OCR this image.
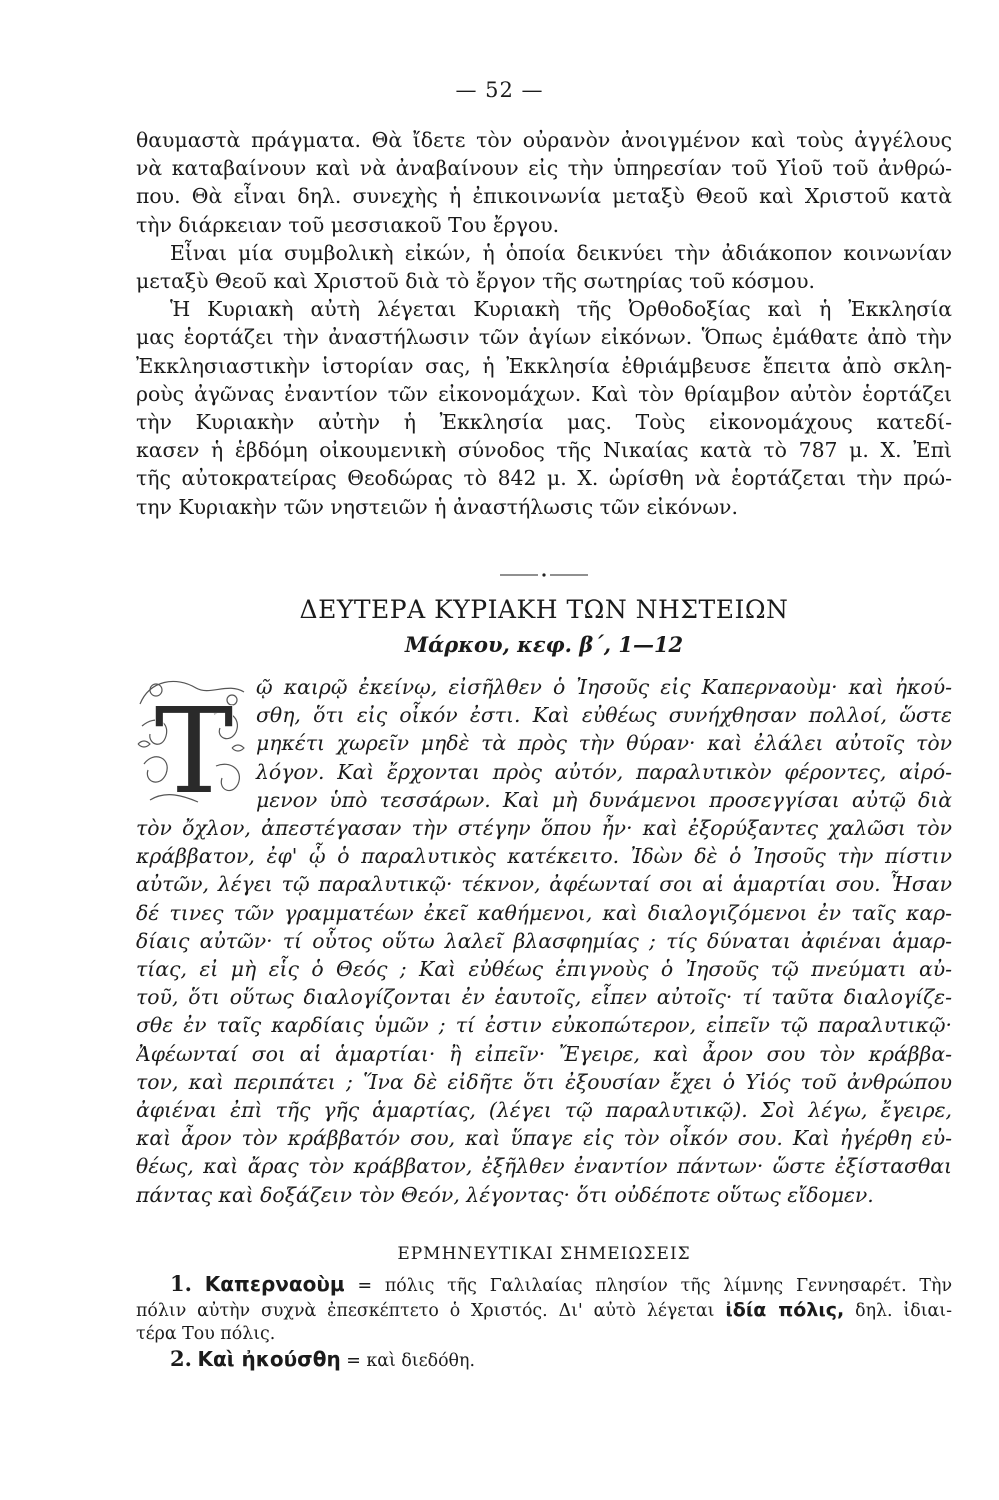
— 52 —
θαυμαστὰ πράγματα. Θὰ ἴδετε τὸν οὐρανὸν ἀνοιγμένον καὶ τοὺς ἀγγέλους
νὰ καταβαίνουν καὶ νὰ ἀναβαίνουν εἰς τὴν ὑπηρεσίαν τοῦ Υἱοῦ τοῦ ἀνθρώ-
που. Θὰ εἶναι δηλ. συνεχὴς ἡ ἐπικοινωνία μεταξὺ Θεοῦ καὶ Χριστοῦ κατὰ
τὴν διάρκειαν τοῦ μεσσιακοῦ Του ἔργου.
Εἶναι μία συμβολικὴ εἰκών, ἡ ὁποία δεικνύει τὴν ἀδιάκοπον κοινωνίαν
μεταξὺ Θεοῦ καὶ Χριστοῦ διὰ τὸ ἔργον τῆς σωτηρίας τοῦ κόσμου.
Ἡ Κυριακὴ αὐτὴ λέγεται Κυριακὴ τῆς Ὀρθοδοξίας καὶ ἡ Ἐκκλησία
μας ἑορτάζει τὴν ἀναστήλωσιν τῶν ἁγίων εἰκόνων. Ὅπως ἐμάθατε ἀπὸ τὴν
Ἐκκλησιαστικὴν ἱστορίαν σας, ἡ Ἐκκλησία ἐθριάμβευσε ἔπειτα ἀπὸ σκλη-
ροὺς ἀγῶνας ἐναντίον τῶν εἰκονομάχων. Καὶ τὸν θρίαμβον αὐτὸν ἑορτάζει
τὴν Κυριακὴν αὐτὴν ἡ Ἐκκλησία μας. Τοὺς εἰκονομάχους κατεδί-
κασεν ἡ ἑβδόμη οἰκουμενικὴ σύνοδος τῆς Νικαίας κατὰ τὸ 787 μ. Χ. Ἐπὶ
τῆς αὐτοκρατείρας Θεοδώρας τὸ 842 μ. Χ. ὡρίσθη νὰ ἑορτάζεται τὴν πρώ-
την Κυριακὴν τῶν νηστειῶν ἡ ἀναστήλωσις τῶν εἰκόνων.
ΔΕΥΤΕΡΑ ΚΥΡΙΑΚΗ ΤΩΝ ΝΗΣΤΕΙΩΝ
Μάρκου, κεφ. β΄, 1—12
Τ	ῷ καιρῷ ἐκείνῳ, εἰσῆλθεν ὁ Ἰησοῦς εἰς Καπερναοὺμ· καὶ ἠκού-
σθη, ὅτι εἰς οἶκόν ἐστι. Καὶ εὐθέως συνήχθησαν πολλοί, ὥστε
μηκέτι χωρεῖν μηδὲ τὰ πρὸς τὴν θύραν· καὶ ἐλάλει αὐτοῖς τὸν
λόγον. Καὶ ἔρχονται πρὸς αὐτόν, παραλυτικὸν φέροντες, αἰρό-
μενον ὑπὸ τεσσάρων. Καὶ μὴ δυνάμενοι προσεγγίσαι αὐτῷ διὰ
τὸν ὄχλον, ἀπεστέγασαν τὴν στέγην ὅπου ἦν· καὶ ἐξορύξαντες χαλῶσι τὸν
κράββατον, ἐφ' ᾧ ὁ παραλυτικὸς κατέκειτο. Ἰδὼν δὲ ὁ Ἰησοῦς τὴν πίστιν
αὐτῶν, λέγει τῷ παραλυτικῷ· τέκνον, ἀφέωνταί σοι αἱ ἁμαρτίαι σου. Ἦσαν
δέ τινες τῶν γραμματέων ἐκεῖ καθήμενοι, καὶ διαλογιζόμενοι ἐν ταῖς καρ-
δίαις αὐτῶν· τί οὗτος οὕτω λαλεῖ βλασφημίας ; τίς δύναται ἀφιέναι ἁμαρ-
τίας, εἰ μὴ εἷς ὁ Θεός ; Καὶ εὐθέως ἐπιγνοὺς ὁ Ἰησοῦς τῷ πνεύματι αὐ-
τοῦ, ὅτι οὕτως διαλογίζονται ἐν ἑαυτοῖς, εἶπεν αὐτοῖς· τί ταῦτα διαλογίζε-
σθε ἐν ταῖς καρδίαις ὑμῶν ; τί ἐστιν εὐκοπώτερον, εἰπεῖν τῷ παραλυτικῷ·
Ἀφέωνταί σοι αἱ ἁμαρτίαι· ἢ εἰπεῖν· Ἔγειρε, καὶ ἆρον σου τὸν κράββα-
τον, καὶ περιπάτει ; Ἵνα δὲ εἰδῆτε ὅτι ἐξουσίαν ἔχει ὁ Υἱός τοῦ ἀνθρώπου
ἀφιέναι ἐπὶ τῆς γῆς ἁμαρτίας, (λέγει τῷ παραλυτικῷ). Σοὶ λέγω, ἔγειρε,
καὶ ἆρον τὸν κράββατόν σου, καὶ ὕπαγε εἰς τὸν οἶκόν σου. Καὶ ἠγέρθη εὐ-
θέως, καὶ ἄρας τὸν κράββατον, ἐξῆλθεν ἐναντίον πάντων· ὥστε ἐξίστασθαι
πάντας καὶ δοξάζειν τὸν Θεόν, λέγοντας· ὅτι οὐδέποτε οὕτως εἴδομεν.
ΕΡΜΗΝΕΥΤΙΚΑΙ ΣΗΜΕΙΩΣΕΙΣ
1. Καπερναοὺμ = πόλις τῆς Γαλιλαίας πλησίον τῆς λίμνης Γεννησαρέτ. Τὴν
πόλιν αὐτὴν συχνὰ ἐπεσκέπτετο ὁ Χριστός. Δι' αὐτὸ λέγεται ἰδία πόλις, δηλ. ἰδιαι-
τέρα Του πόλις.
2. Καὶ ἠκούσθη = καὶ διεδόθη.
